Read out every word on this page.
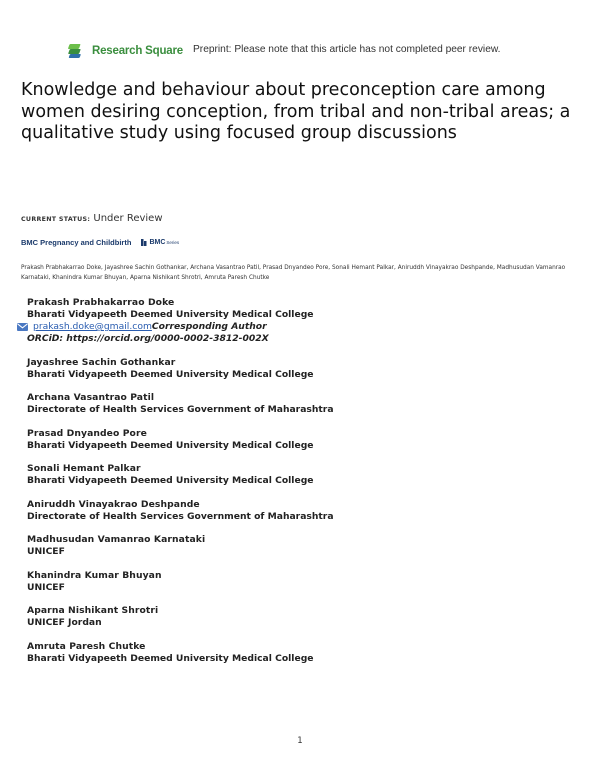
Research Square Preprint: Please note that this article has not completed peer review.
Knowledge and behaviour about preconception care among women desiring conception, from tribal and non-tribal areas; a qualitative study using focused group discussions
CURRENT STATUS: Under Review
BMC Pregnancy and Childbirth	BMC Series

Prakash Prabhakarrao Doke, Jayashree Sachin Gothankar, Archana Vasantrao Patil, Prasad Dnyandeo Pore, Sonali Hemant Palkar, Aniruddh Vinayakrao Deshpande, Madhusudan Vamanrao Karnataki, Khanindra Kumar Bhuyan, Aparna Nishikant Shrotri, Amruta Paresh Chutke

Prakash Prabhakarrao Doke
Bharati Vidyapeeth Deemed University Medical College
prakash.doke@gmail.comCorresponding Author
ORCiD: https://orcid.org/0000-0002-3812-002X
Jayashree Sachin Gothankar
Bharati Vidyapeeth Deemed University Medical College
Archana Vasantrao Patil
Directorate of Health Services Government of Maharashtra
Prasad Dnyandeo Pore
Bharati Vidyapeeth Deemed University Medical College
Sonali Hemant Palkar
Bharati Vidyapeeth Deemed University Medical College
Aniruddh Vinayakrao Deshpande
Directorate of Health Services Government of Maharashtra
Madhusudan Vamanrao Karnataki
UNICEF
Khanindra Kumar Bhuyan
UNICEF
Aparna Nishikant Shrotri
UNICEF Jordan
Amruta Paresh Chutke
Bharati Vidyapeeth Deemed University Medical College
1
